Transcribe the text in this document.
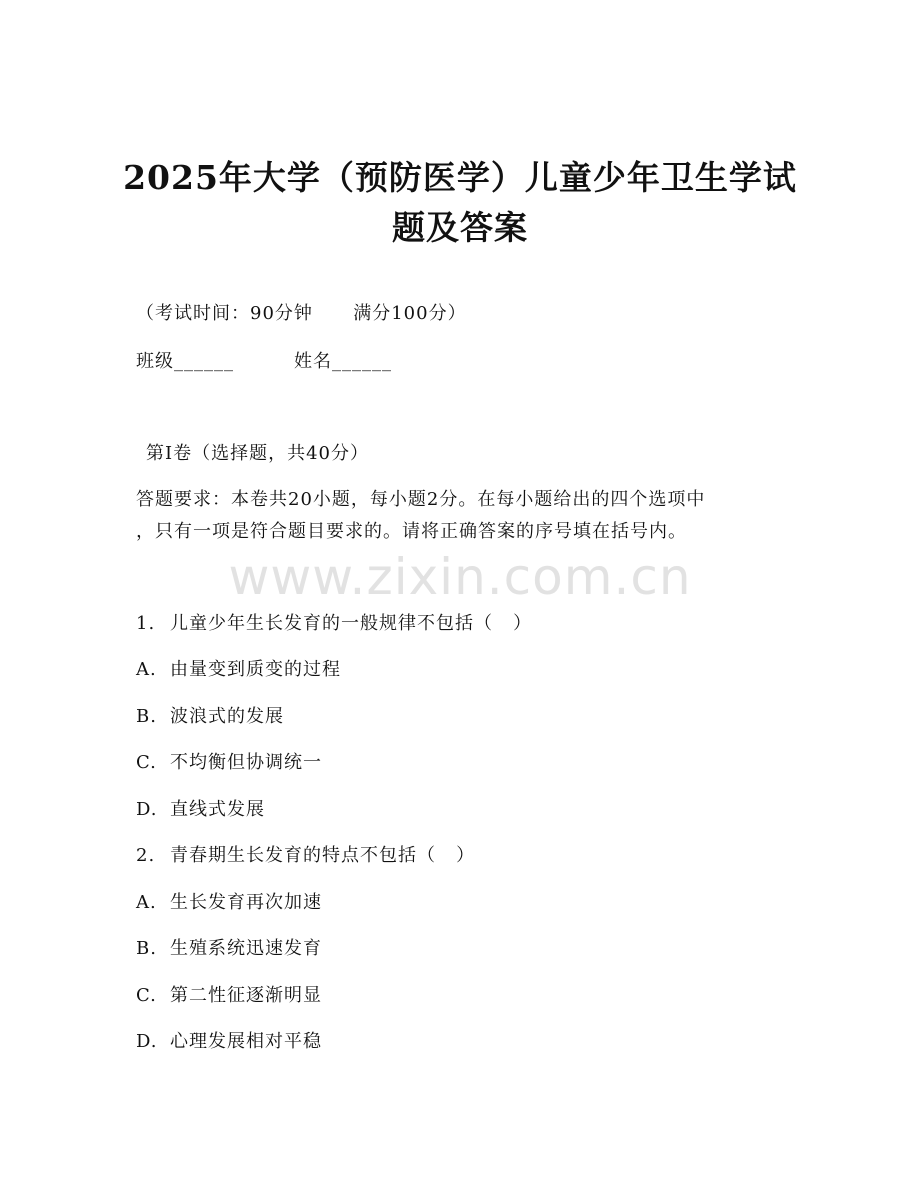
2025年大学（预防医学）儿童少年卫生学试
题及答案
（考试时间：90分钟      满分100分）
班级______	姓名______
第I卷（选择题，共40分）
答题要求：本卷共20小题，每小题2分。在每小题给出的四个选项中
，只有一项是符合题目要求的。请将正确答案的序号填在括号内。
www.zixin.com.cn
1. 儿童少年生长发育的一般规律不包括（   ）
A. 由量变到质变的过程
B. 波浪式的发展
C. 不均衡但协调统一
D. 直线式发展
2. 青春期生长发育的特点不包括（   ）
A. 生长发育再次加速
B. 生殖系统迅速发育
C. 第二性征逐渐明显
D. 心理发展相对平稳
